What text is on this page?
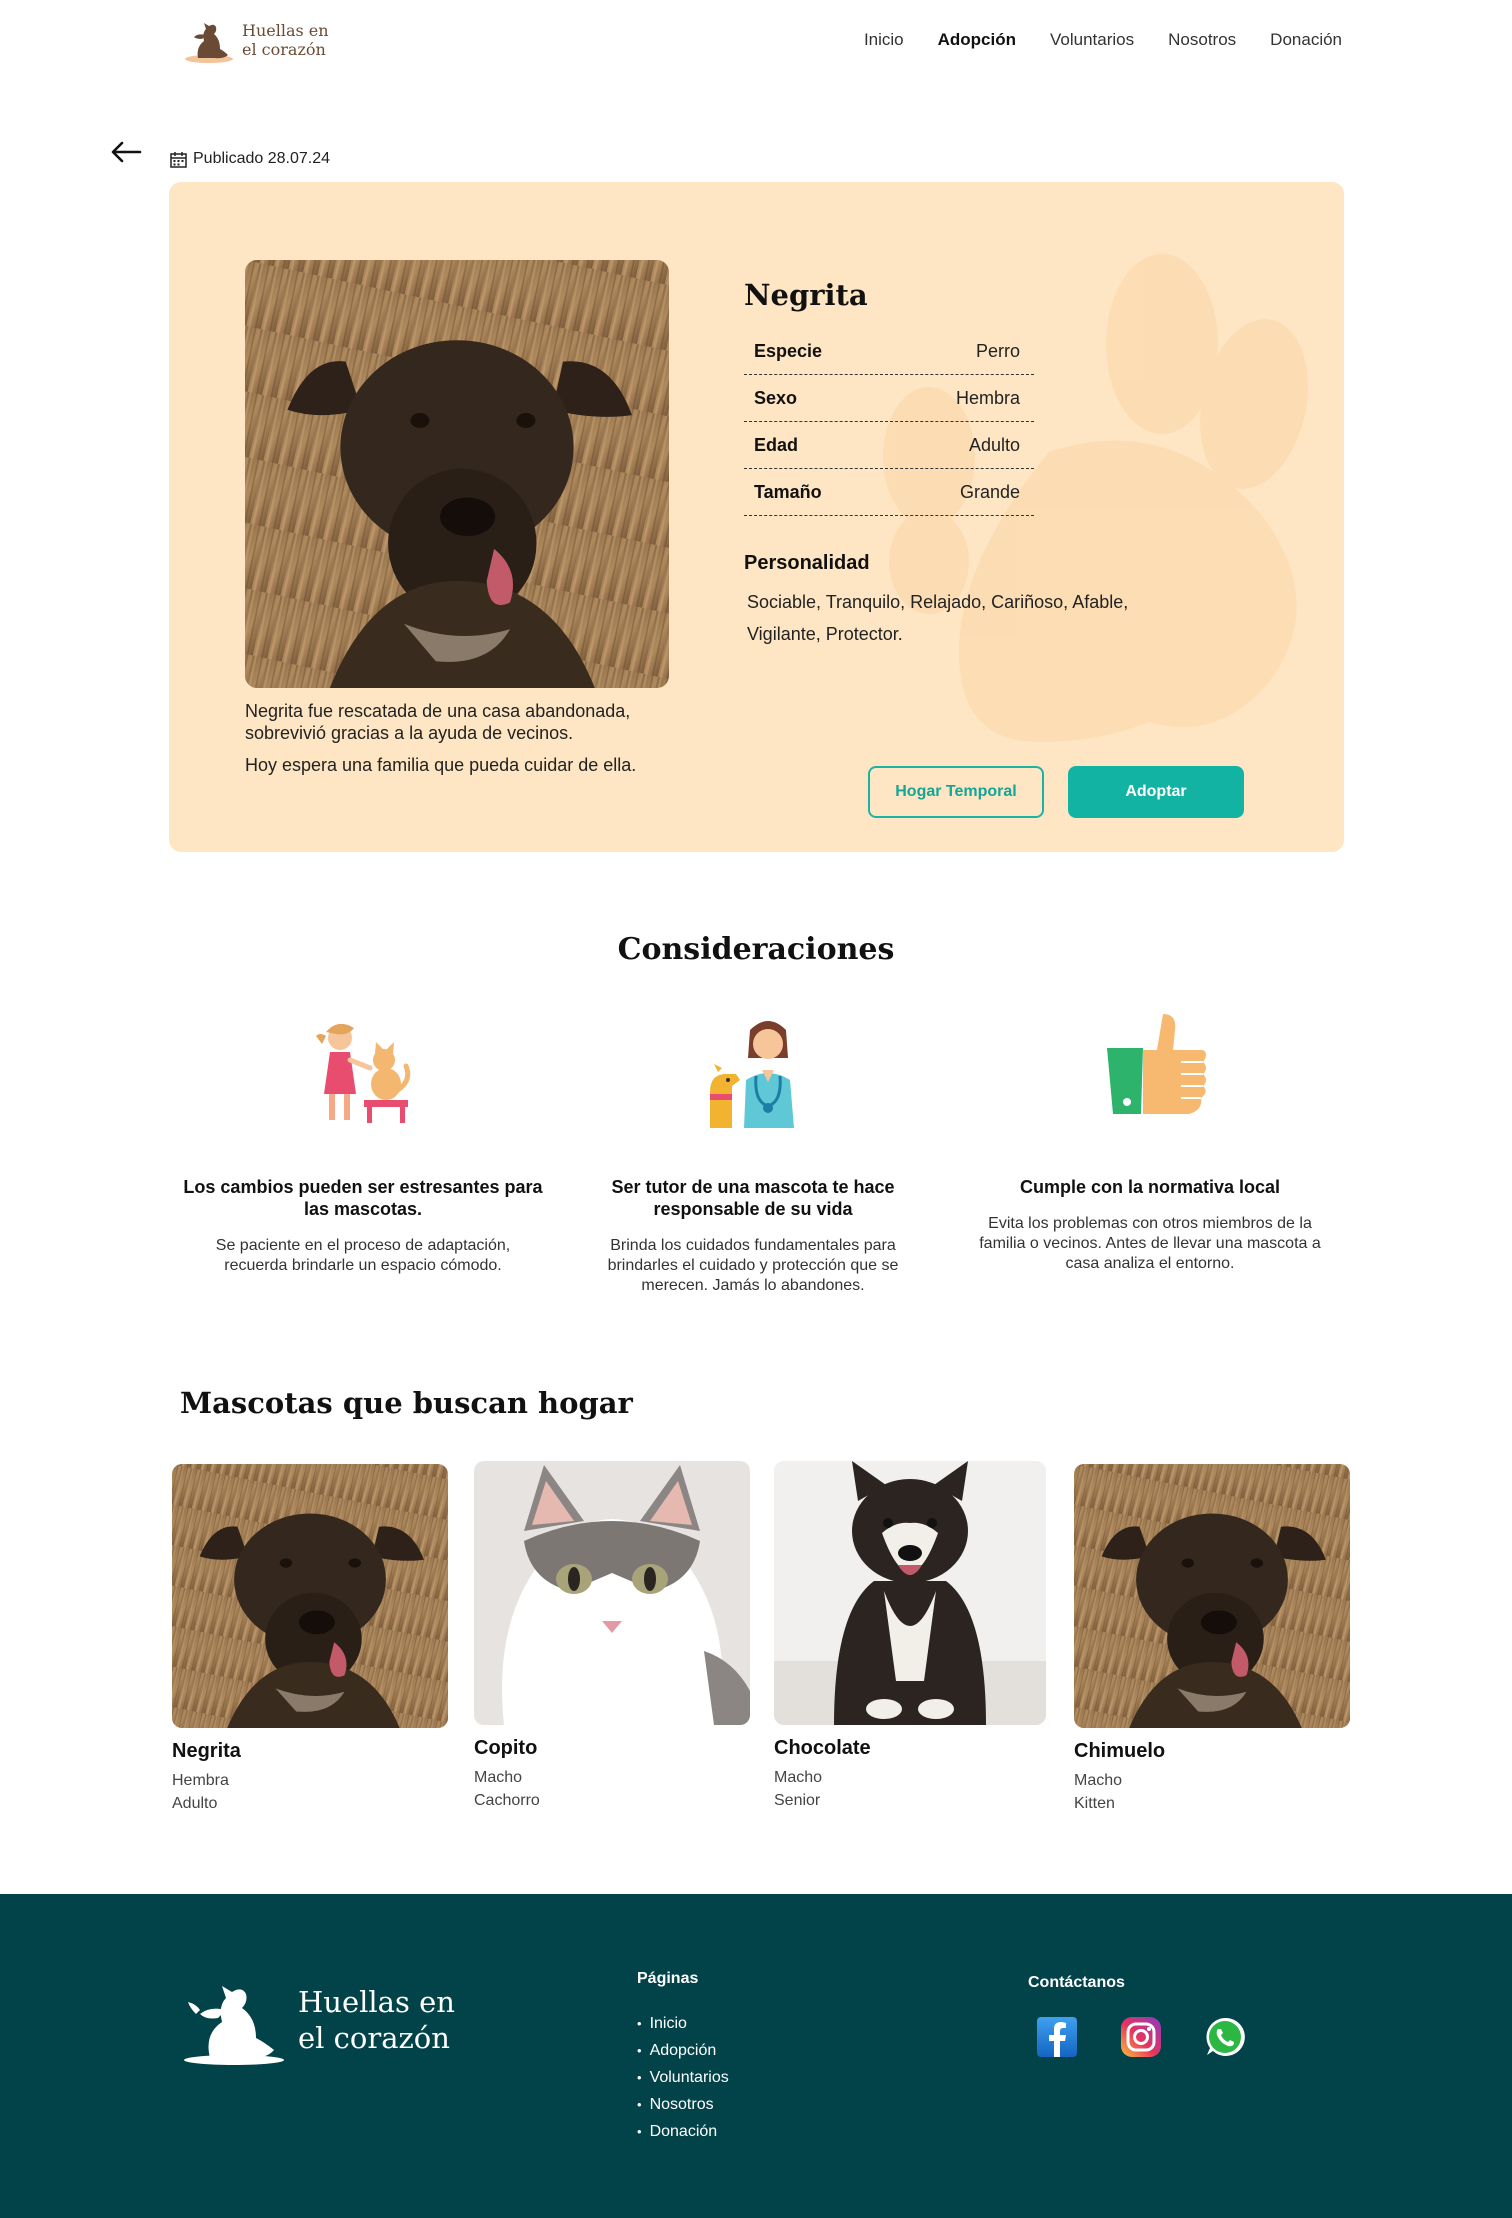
Huellas en
el corazón
Inicio Adopción Voluntarios Nosotros Donación
Publicado 28.07.24

Negrita fue rescatada de una casa abandonada, sobrevivió gracias a la ayuda de vecinos.

Hoy espera una familia que pueda cuidar de ella.

Negrita
Especie	Perro
Sexo	Hembra
Edad	Adulto
Tamaño	Grande
Personalidad
Sociable, Tranquilo, Relajado, Cariñoso, Afable, Vigilante, Protector.
Hogar Temporal	Adoptar
Consideraciones
Los cambios pueden ser estresantes para las mascotas.
Se paciente en el proceso de adaptación, recuerda brindarle un espacio cómodo.
Ser tutor de una mascota te hace responsable de su vida
Brinda los cuidados fundamentales para brindarles el cuidado y protección que se merecen. Jamás lo abandones.
Cumple con la normativa local
Evita los problemas con otros miembros de la familia o vecinos. Antes de llevar una mascota a casa analiza el entorno.
Mascotas que buscan hogar
Negrita
Hembra
Adulto
Copito
Macho
Cachorro
Chocolate
Macho
Senior
Chimuelo
Macho
Kitten
Huellas en
el corazón
Páginas
• Inicio
• Adopción
• Voluntarios
• Nosotros
• Donación
Contáctanos
